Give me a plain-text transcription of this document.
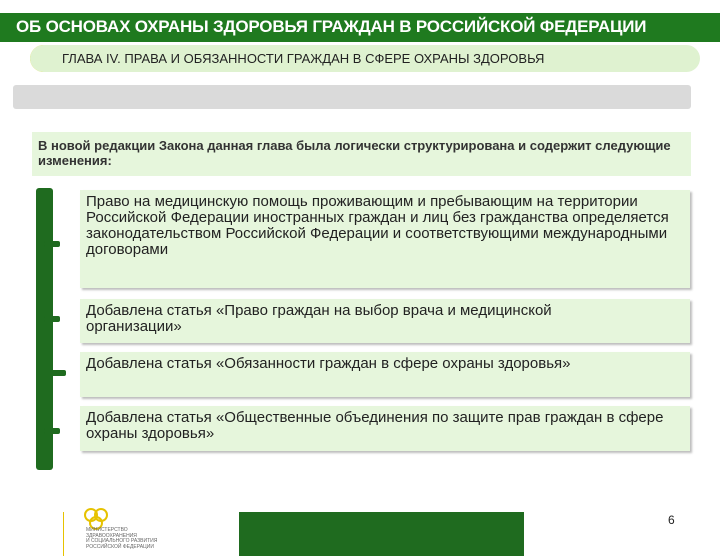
ОБ ОСНОВАХ ОХРАНЫ ЗДОРОВЬЯ ГРАЖДАН В РОССИЙСКОЙ ФЕДЕРАЦИИ
ГЛАВА IV. ПРАВА И ОБЯЗАННОСТИ ГРАЖДАН В СФЕРЕ ОХРАНЫ ЗДОРОВЬЯ
В новой редакции Закона данная глава была логически структурирована и содержит следующие изменения:
Право на медицинскую помощь проживающим и пребывающим на территории Российской Федерации иностранных граждан и лиц без гражданства определяется законодательством Российской Федерации и соответствующими международными договорами
Добавлена статья «Право граждан на выбор врача и медицинской организации»
Добавлена статья «Обязанности граждан в сфере охраны здоровья»
Добавлена статья «Общественные объединения по защите прав граждан в сфере охраны здоровья»
МИНИСТЕРСТВО
ЗДРАВООХРАНЕНИЯ
И СОЦИАЛЬНОГО РАЗВИТИЯ
РОССИЙСКОЙ ФЕДЕРАЦИИ
6
